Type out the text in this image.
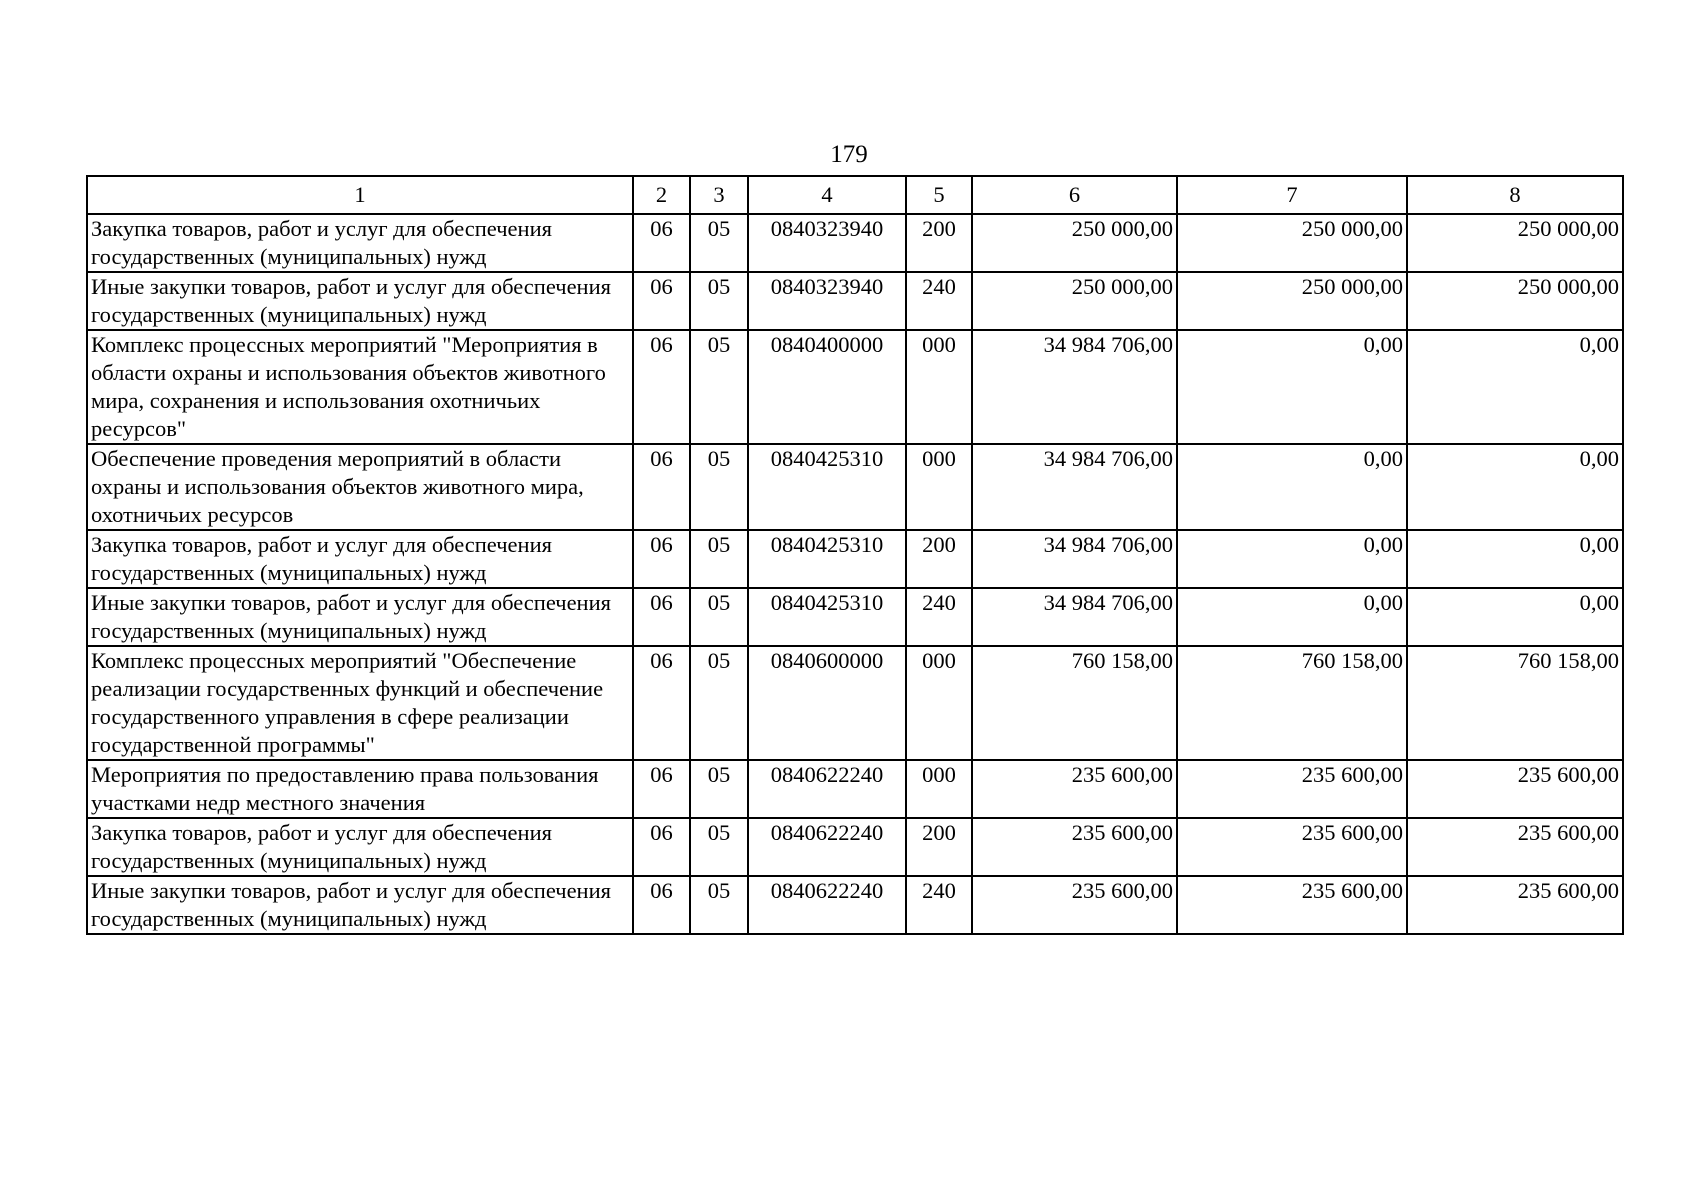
179
1	2	3	4	5	6	7	8
Закупка товаров, работ и услуг для обеспечения государственных (муниципальных) нужд	06	05	0840323940	200	250 000,00	250 000,00	250 000,00
Иные закупки товаров, работ и услуг для обеспечения государственных (муниципальных) нужд	06	05	0840323940	240	250 000,00	250 000,00	250 000,00
Комплекс процессных мероприятий "Мероприятия в области охраны и использования объектов животного мира, сохранения и использования охотничьих ресурсов"	06	05	0840400000	000	34 984 706,00	0,00	0,00
Обеспечение проведения мероприятий в области охраны и использования объектов животного мира, охотничьих ресурсов	06	05	0840425310	000	34 984 706,00	0,00	0,00
Закупка товаров, работ и услуг для обеспечения государственных (муниципальных) нужд	06	05	0840425310	200	34 984 706,00	0,00	0,00
Иные закупки товаров, работ и услуг для обеспечения государственных (муниципальных) нужд	06	05	0840425310	240	34 984 706,00	0,00	0,00
Комплекс процессных мероприятий "Обеспечение реализации государственных функций и обеспечение государственного управления в сфере реализации государственной программы"	06	05	0840600000	000	760 158,00	760 158,00	760 158,00
Мероприятия по предоставлению права пользования участками недр местного значения	06	05	0840622240	000	235 600,00	235 600,00	235 600,00
Закупка товаров, работ и услуг для обеспечения государственных (муниципальных) нужд	06	05	0840622240	200	235 600,00	235 600,00	235 600,00
Иные закупки товаров, работ и услуг для обеспечения государственных (муниципальных) нужд	06	05	0840622240	240	235 600,00	235 600,00	235 600,00
